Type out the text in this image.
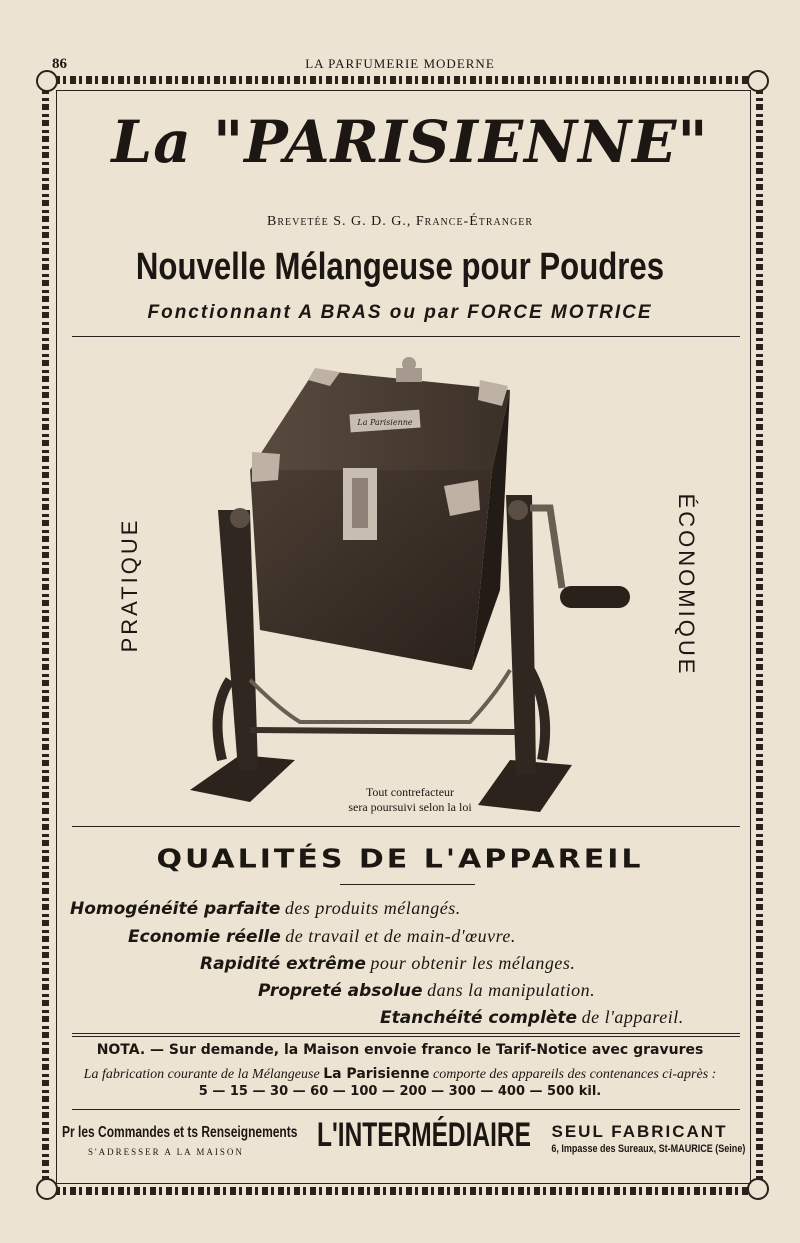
86	LA PARFUMERIE MODERNE
La "PARISIENNE"
Brevetée S. G. D. G., France-Étranger
Nouvelle Mélangeuse pour Poudres
Fonctionnant A BRAS ou par FORCE MOTRICE
PRATIQUE	ÉCONOMIQUE
La Parisienne
Tout contrefacteur
sera poursuivi selon la loi
QUALITÉS DE L'APPAREIL
Homogénéité parfaite des produits mélangés.
Economie réelle de travail et de main-d'œuvre.
Rapidité extrême pour obtenir les mélanges.
Propreté absolue dans la manipulation.
Etanchéité complète de l'appareil.
NOTA. — Sur demande, la Maison envoie franco le Tarif-Notice avec gravures
La fabrication courante de la Mélangeuse La Parisienne comporte des appareils des contenances ci-après :
5 — 15 — 30 — 60 — 100 — 200 — 300 — 400 — 500 kil.
Pr les Commandes et ts Renseignements
S'ADRESSER A LA MAISON	L'INTERMÉDIAIRE	SEUL FABRICANT
6, Impasse des Sureaux, St-MAURICE (Seine)
